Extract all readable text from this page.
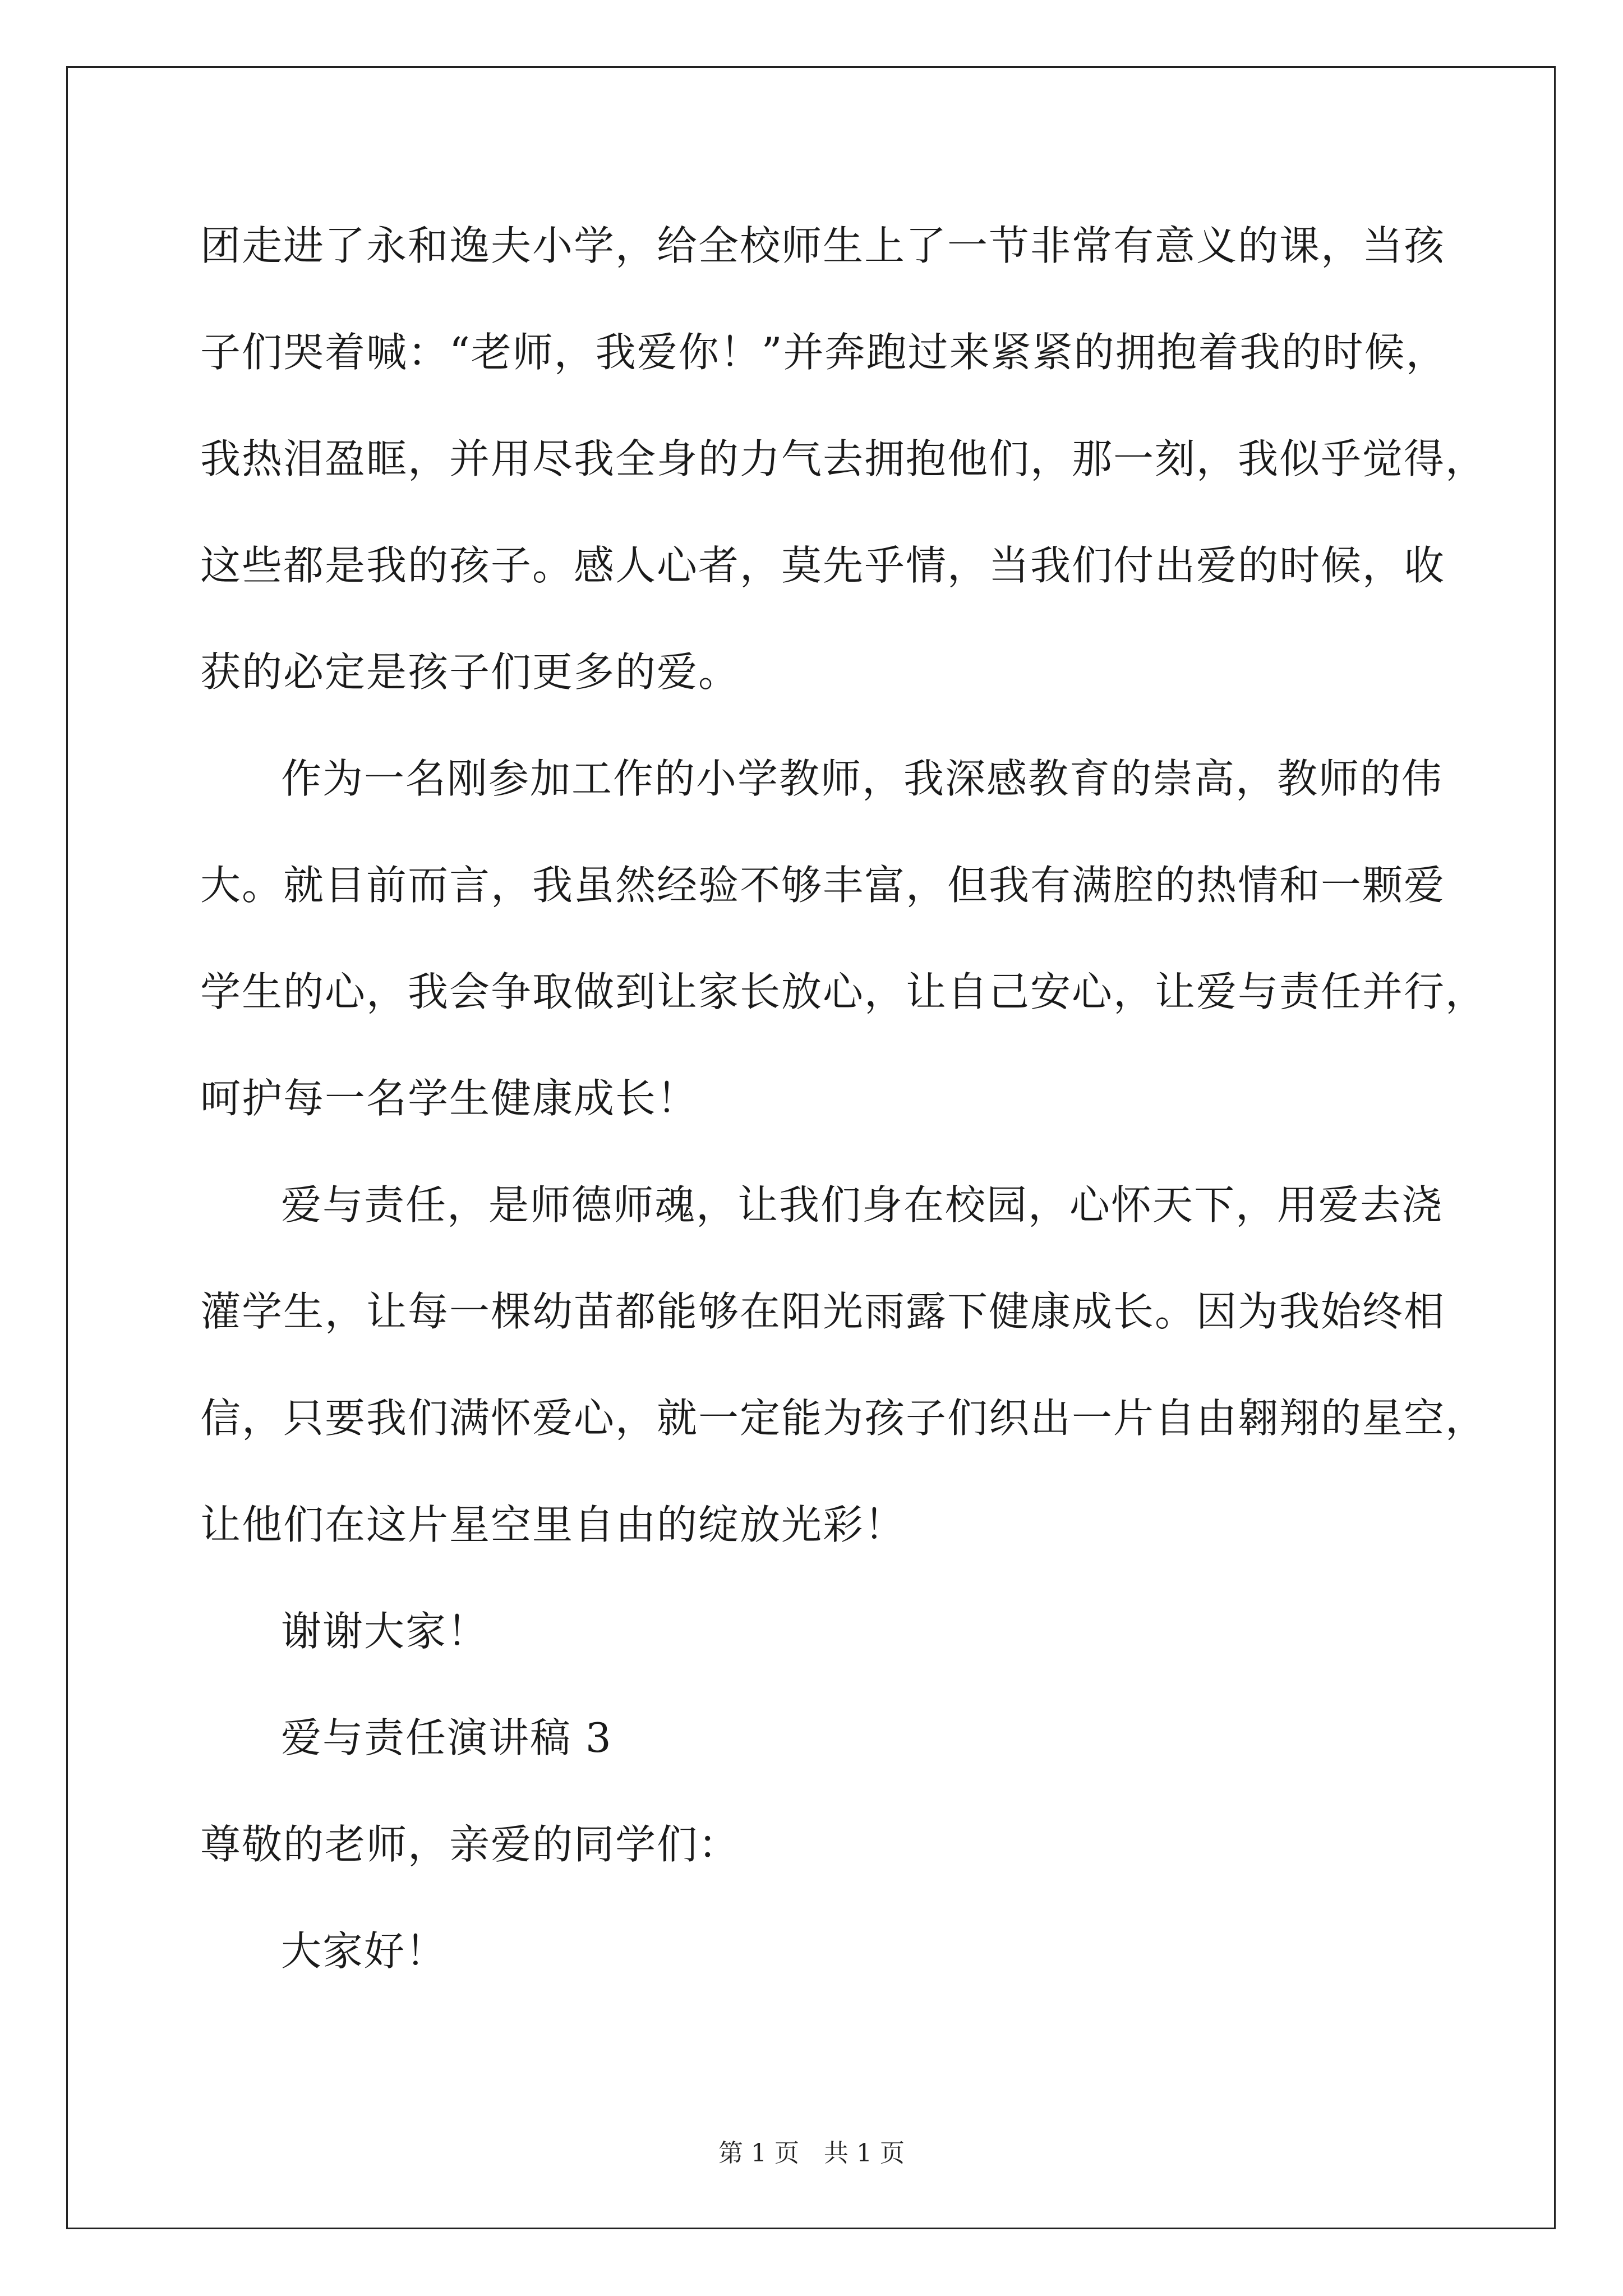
团走进了永和逸夫小学，给全校师生上了一节非常有意义的课，当孩
子们哭着喊：“老师，我爱你！”并奔跑过来紧紧的拥抱着我的时候，
我热泪盈眶，并用尽我全身的力气去拥抱他们，那一刻，我似乎觉得，
这些都是我的孩子。感人心者，莫先乎情，当我们付出爱的时候，收
获的必定是孩子们更多的爱。
作为一名刚参加工作的小学教师，我深感教育的崇高，教师的伟
大。就目前而言，我虽然经验不够丰富，但我有满腔的热情和一颗爱
学生的心，我会争取做到让家长放心，让自己安心，让爱与责任并行，
呵护每一名学生健康成长！
爱与责任，是师德师魂，让我们身在校园，心怀天下，用爱去浇
灌学生，让每一棵幼苗都能够在阳光雨露下健康成长。因为我始终相
信，只要我们满怀爱心，就一定能为孩子们织出一片自由翱翔的星空，
让他们在这片星空里自由的绽放光彩！
谢谢大家！
爱与责任演讲稿 3
尊敬的老师，亲爱的同学们：
大家好！
第 1 页　共 1 页
